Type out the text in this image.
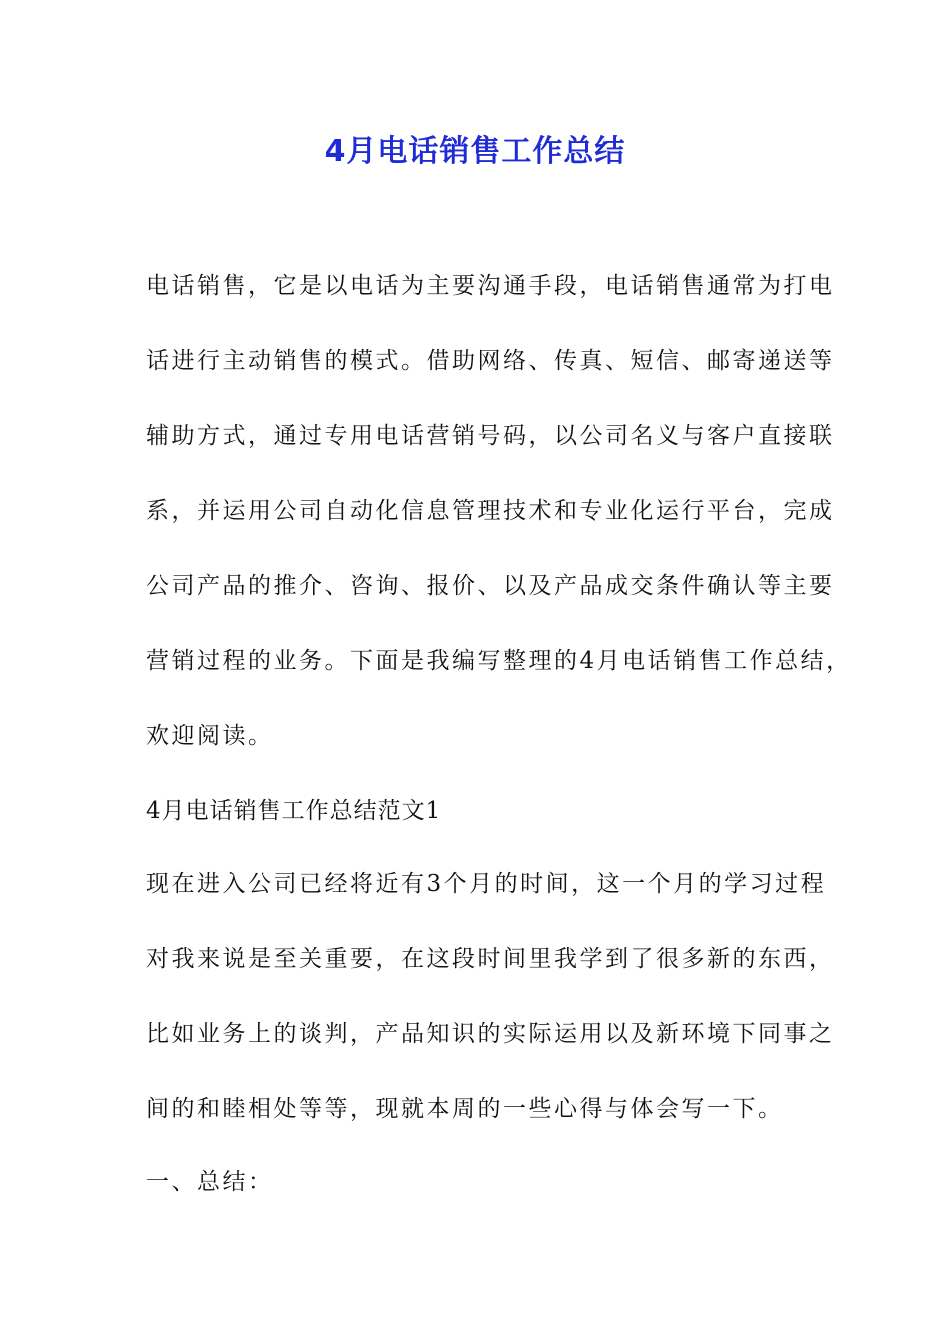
4月电话销售工作总结
电话销售，它是以电话为主要沟通手段，电话销售通常为打电
话进行主动销售的模式。借助网络、传真、短信、邮寄递送等
辅助方式，通过专用电话营销号码，以公司名义与客户直接联
系，并运用公司自动化信息管理技术和专业化运行平台，完成
公司产品的推介、咨询、报价、以及产品成交条件确认等主要
营销过程的业务。下面是我编写整理的4月电话销售工作总结，
欢迎阅读。
4月电话销售工作总结范文1
现在进入公司已经将近有3个月的时间，这一个月的学习过程
对我来说是至关重要，在这段时间里我学到了很多新的东西，
比如业务上的谈判，产品知识的实际运用以及新环境下同事之
间的和睦相处等等，现就本周的一些心得与体会写一下。
一、总结：
